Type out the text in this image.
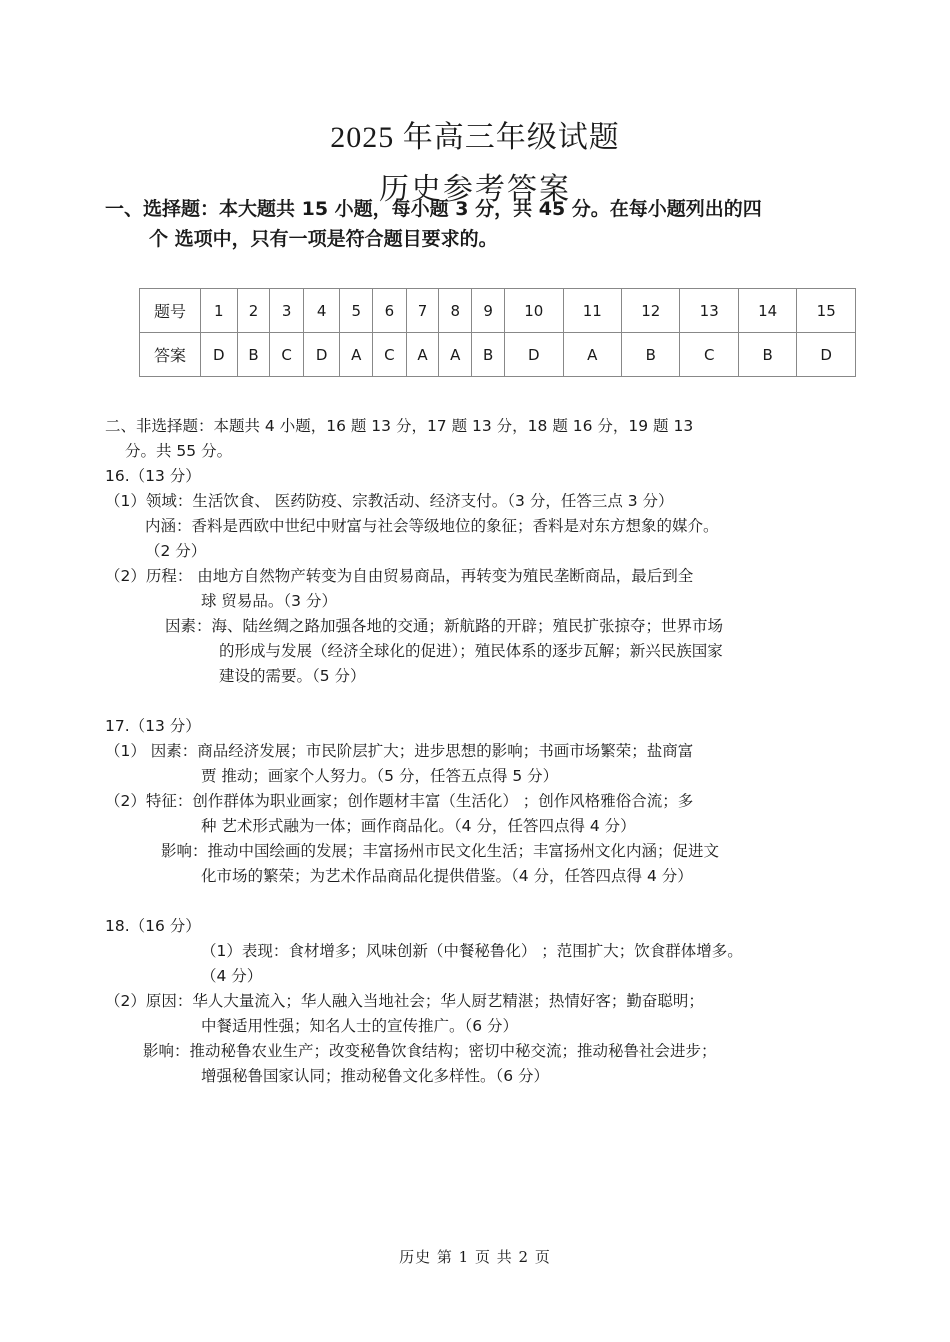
2025 年高三年级试题
历史参考答案
一、选择题：本大题共 15 小题，每小题 3 分，共 45 分。在每小题列出的四
个 选项中，只有一项是符合题目要求的。
题号	1	2	3	4	5	6	7	8	9	10	11	12	13	14	15
答案	D	B	C	D	A	C	A	A	B	D	A	B	C	B	D
二、非选择题：本题共 4 小题，16 题 13 分，17 题 13 分，18 题 16 分，19 题 13
分。共 55 分。
16.（13 分）
（1）领域：生活饮食、 医药防疫、宗教活动、经济支付。（3 分，任答三点 3 分）
内涵：香料是西欧中世纪中财富与社会等级地位的象征；香料是对东方想象的媒介。
（2 分）
（2）历程： 由地方自然物产转变为自由贸易商品，再转变为殖民垄断商品，最后到全
球 贸易品。（3 分）
因素：海、陆丝绸之路加强各地的交通；新航路的开辟；殖民扩张掠夺；世界市场
的形成与发展（经济全球化的促进）；殖民体系的逐步瓦解；新兴民族国家
建设的需要。（5 分）
17.（13 分）
（1） 因素：商品经济发展；市民阶层扩大；进步思想的影响；书画市场繁荣；盐商富
贾 推动；画家个人努力。（5 分，任答五点得 5 分）
（2）特征：创作群体为职业画家；创作题材丰富（生活化） ；创作风格雅俗合流；多
种 艺术形式融为一体；画作商品化。（4 分，任答四点得 4 分）
影响：推动中国绘画的发展；丰富扬州市民文化生活；丰富扬州文化内涵；促进文
化市场的繁荣；为艺术作品商品化提供借鉴。（4 分，任答四点得 4 分）
18.（16 分）
（1）表现：食材增多；风味创新（中餐秘鲁化） ；范围扩大；饮食群体增多。
（4 分）
（2）原因：华人大量流入；华人融入当地社会；华人厨艺精湛；热情好客；勤奋聪明；
中餐适用性强；知名人士的宣传推广。（6 分）
影响：推动秘鲁农业生产；改变秘鲁饮食结构；密切中秘交流；推动秘鲁社会进步；
增强秘鲁国家认同；推动秘鲁文化多样性。（6 分）
历史 第 1 页 共 2 页
